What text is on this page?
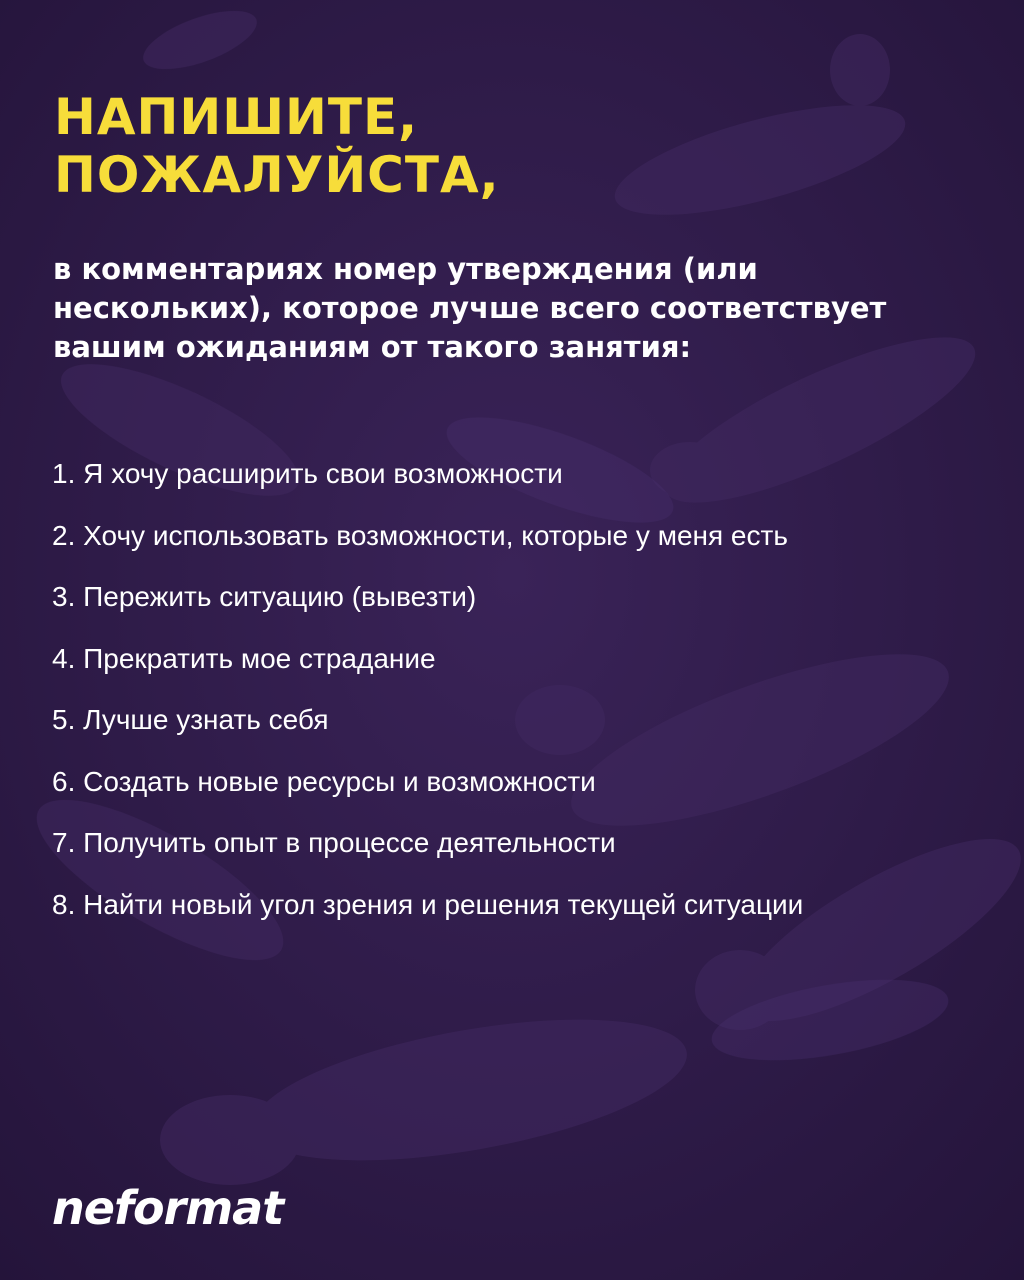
НАПИШИТЕ,
ПОЖАЛУЙСТА,

в комментариях номер утверждения (или нескольких), которое лучше всего соответствует вашим ожиданиям от такого занятия:

1. Я хочу расширить свои возможности
2. Хочу использовать возможности, которые у меня есть
3. Пережить ситуацию (вывезти)
4. Прекратить мое страдание
5. Лучше узнать себя
6. Создать новые ресурсы и возможности
7. Получить опыт в процессе деятельности
8. Найти новый угол зрения и решения текущей ситуации
neformat
